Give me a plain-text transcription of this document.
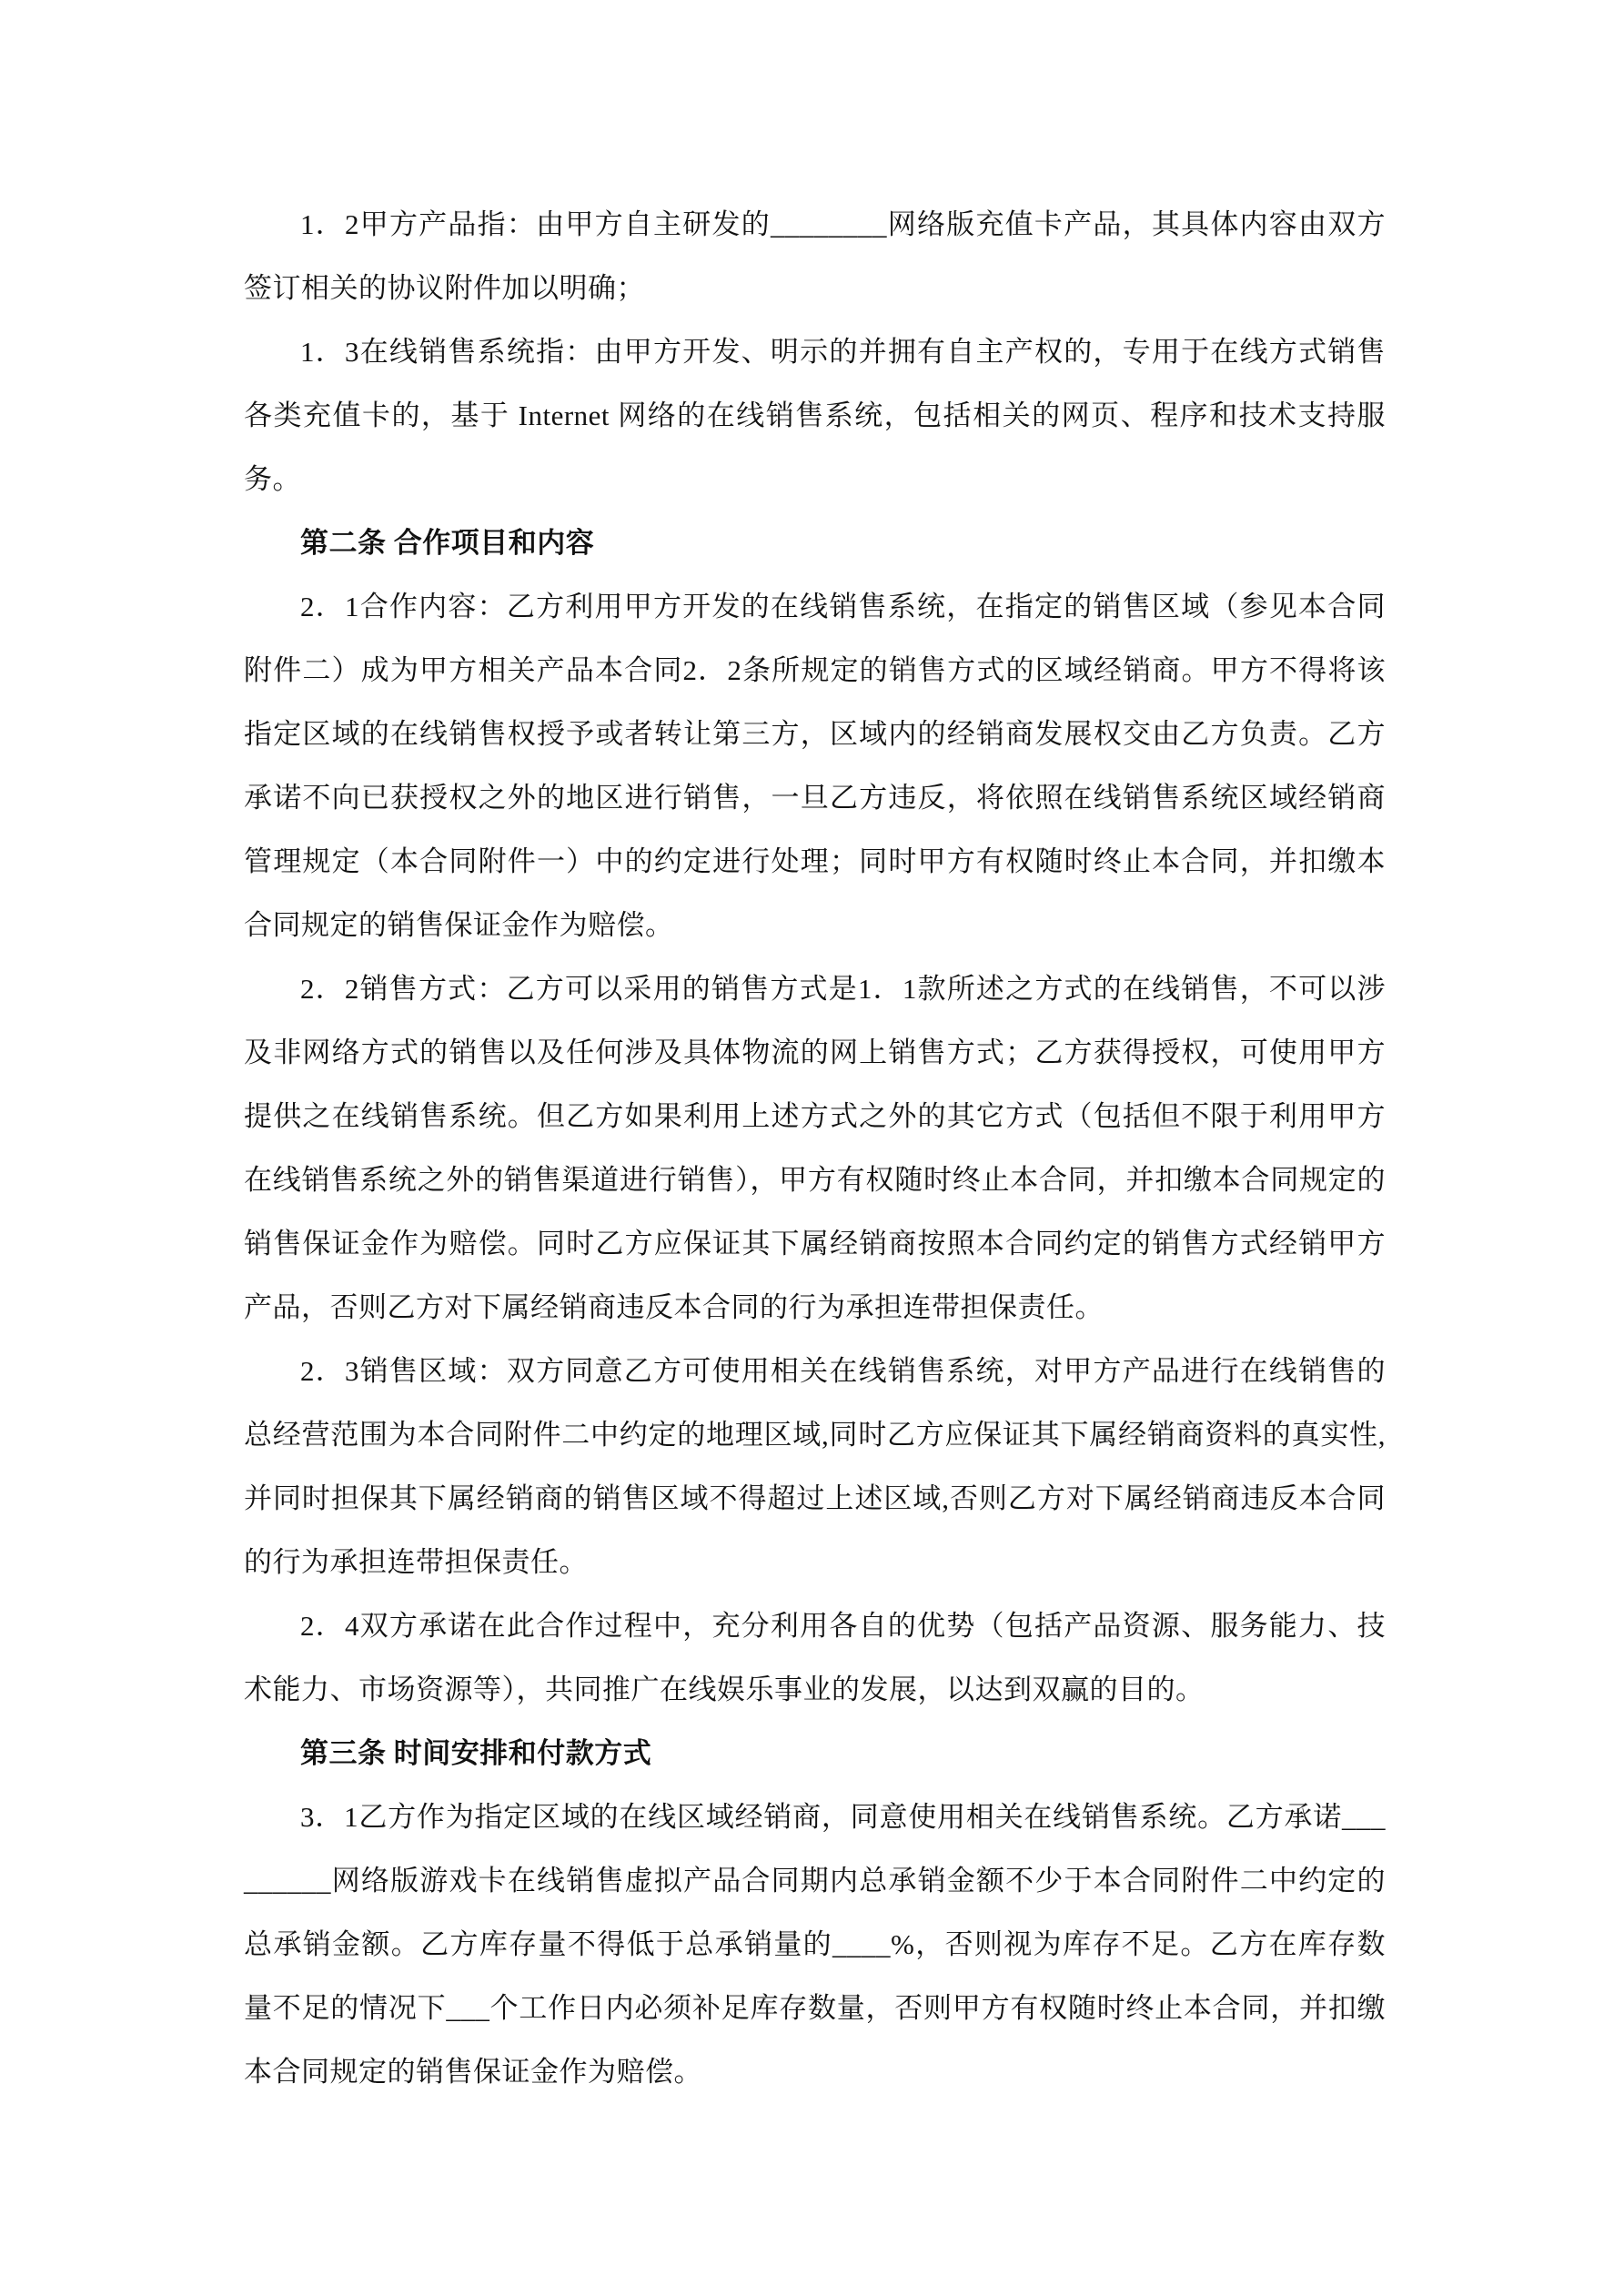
1．2甲方产品指：由甲方自主研发的________网络版充值卡产品，其具体内容由双方签订相关的协议附件加以明确；

1．3在线销售系统指：由甲方开发、明示的并拥有自主产权的，专用于在线方式销售各类充值卡的，基于 Internet 网络的在线销售系统，包括相关的网页、程序和技术支持服务。

第二条 合作项目和内容

2．1合作内容：乙方利用甲方开发的在线销售系统，在指定的销售区域（参见本合同附件二）成为甲方相关产品本合同2．2条所规定的销售方式的区域经销商。甲方不得将该指定区域的在线销售权授予或者转让第三方，区域内的经销商发展权交由乙方负责。乙方承诺不向已获授权之外的地区进行销售，一旦乙方违反，将依照在线销售系统区域经销商管理规定（本合同附件一）中的约定进行处理；同时甲方有权随时终止本合同，并扣缴本合同规定的销售保证金作为赔偿。

2．2销售方式：乙方可以采用的销售方式是1．1款所述之方式的在线销售，不可以涉及非网络方式的销售以及任何涉及具体物流的网上销售方式；乙方获得授权，可使用甲方提供之在线销售系统。但乙方如果利用上述方式之外的其它方式（包括但不限于利用甲方在线销售系统之外的销售渠道进行销售），甲方有权随时终止本合同，并扣缴本合同规定的销售保证金作为赔偿。同时乙方应保证其下属经销商按照本合同约定的销售方式经销甲方产品，否则乙方对下属经销商违反本合同的行为承担连带担保责任。

2．3销售区域：双方同意乙方可使用相关在线销售系统，对甲方产品进行在线销售的总经营范围为本合同附件二中约定的地理区域,同时乙方应保证其下属经销商资料的真实性,并同时担保其下属经销商的销售区域不得超过上述区域,否则乙方对下属经销商违反本合同的行为承担连带担保责任。

2．4双方承诺在此合作过程中，充分利用各自的优势（包括产品资源、服务能力、技术能力、市场资源等），共同推广在线娱乐事业的发展，以达到双赢的目的。

第三条 时间安排和付款方式

3．1乙方作为指定区域的在线区域经销商，同意使用相关在线销售系统。乙方承诺_________网络版游戏卡在线销售虚拟产品合同期内总承销金额不少于本合同附件二中约定的总承销金额。乙方库存量不得低于总承销量的____%，否则视为库存不足。乙方在库存数量不足的情况下___个工作日内必须补足库存数量，否则甲方有权随时终止本合同，并扣缴本合同规定的销售保证金作为赔偿。
